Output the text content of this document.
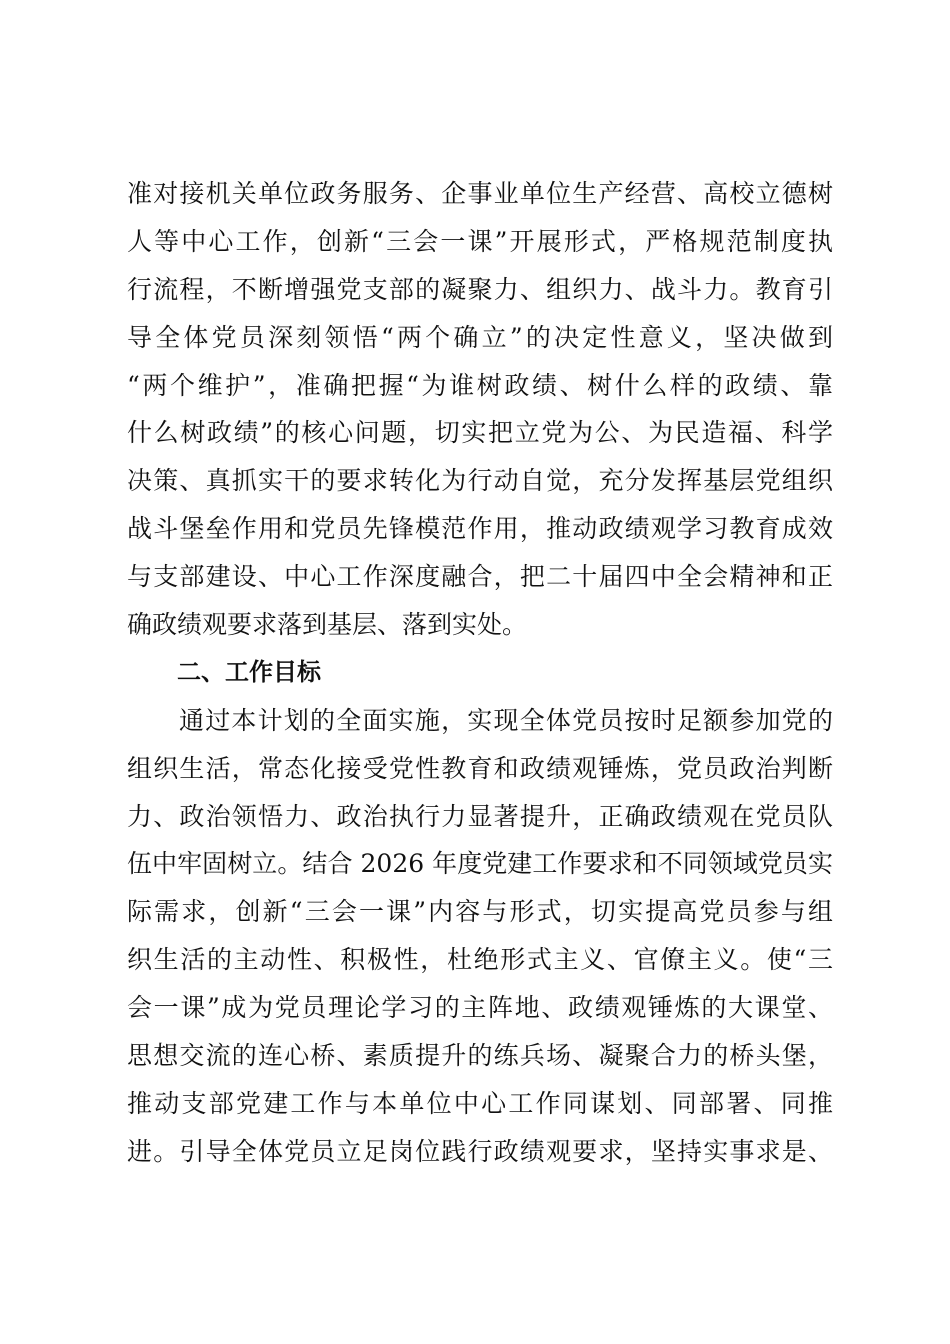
准对接机关单位政务服务、企事业单位生产经营、高校立德树
人等中心工作，创新“三会一课”开展形式，严格规范制度执
行流程，不断增强党支部的凝聚力、组织力、战斗力。教育引
导全体党员深刻领悟“两个确立”的决定性意义，坚决做到
“两个维护”，准确把握“为谁树政绩、树什么样的政绩、靠
什么树政绩”的核心问题，切实把立党为公、为民造福、科学
决策、真抓实干的要求转化为行动自觉，充分发挥基层党组织
战斗堡垒作用和党员先锋模范作用，推动政绩观学习教育成效
与支部建设、中心工作深度融合，把二十届四中全会精神和正
确政绩观要求落到基层、落到实处。
二、工作目标
通过本计划的全面实施，实现全体党员按时足额参加党的
组织生活，常态化接受党性教育和政绩观锤炼，党员政治判断
力、政治领悟力、政治执行力显著提升，正确政绩观在党员队
伍中牢固树立。结合 2026 年度党建工作要求和不同领域党员实
际需求，创新“三会一课”内容与形式，切实提高党员参与组
织生活的主动性、积极性，杜绝形式主义、官僚主义。使“三
会一课”成为党员理论学习的主阵地、政绩观锤炼的大课堂、
思想交流的连心桥、素质提升的练兵场、凝聚合力的桥头堡，
推动支部党建工作与本单位中心工作同谋划、同部署、同推
进。引导全体党员立足岗位践行政绩观要求，坚持实事求是、
